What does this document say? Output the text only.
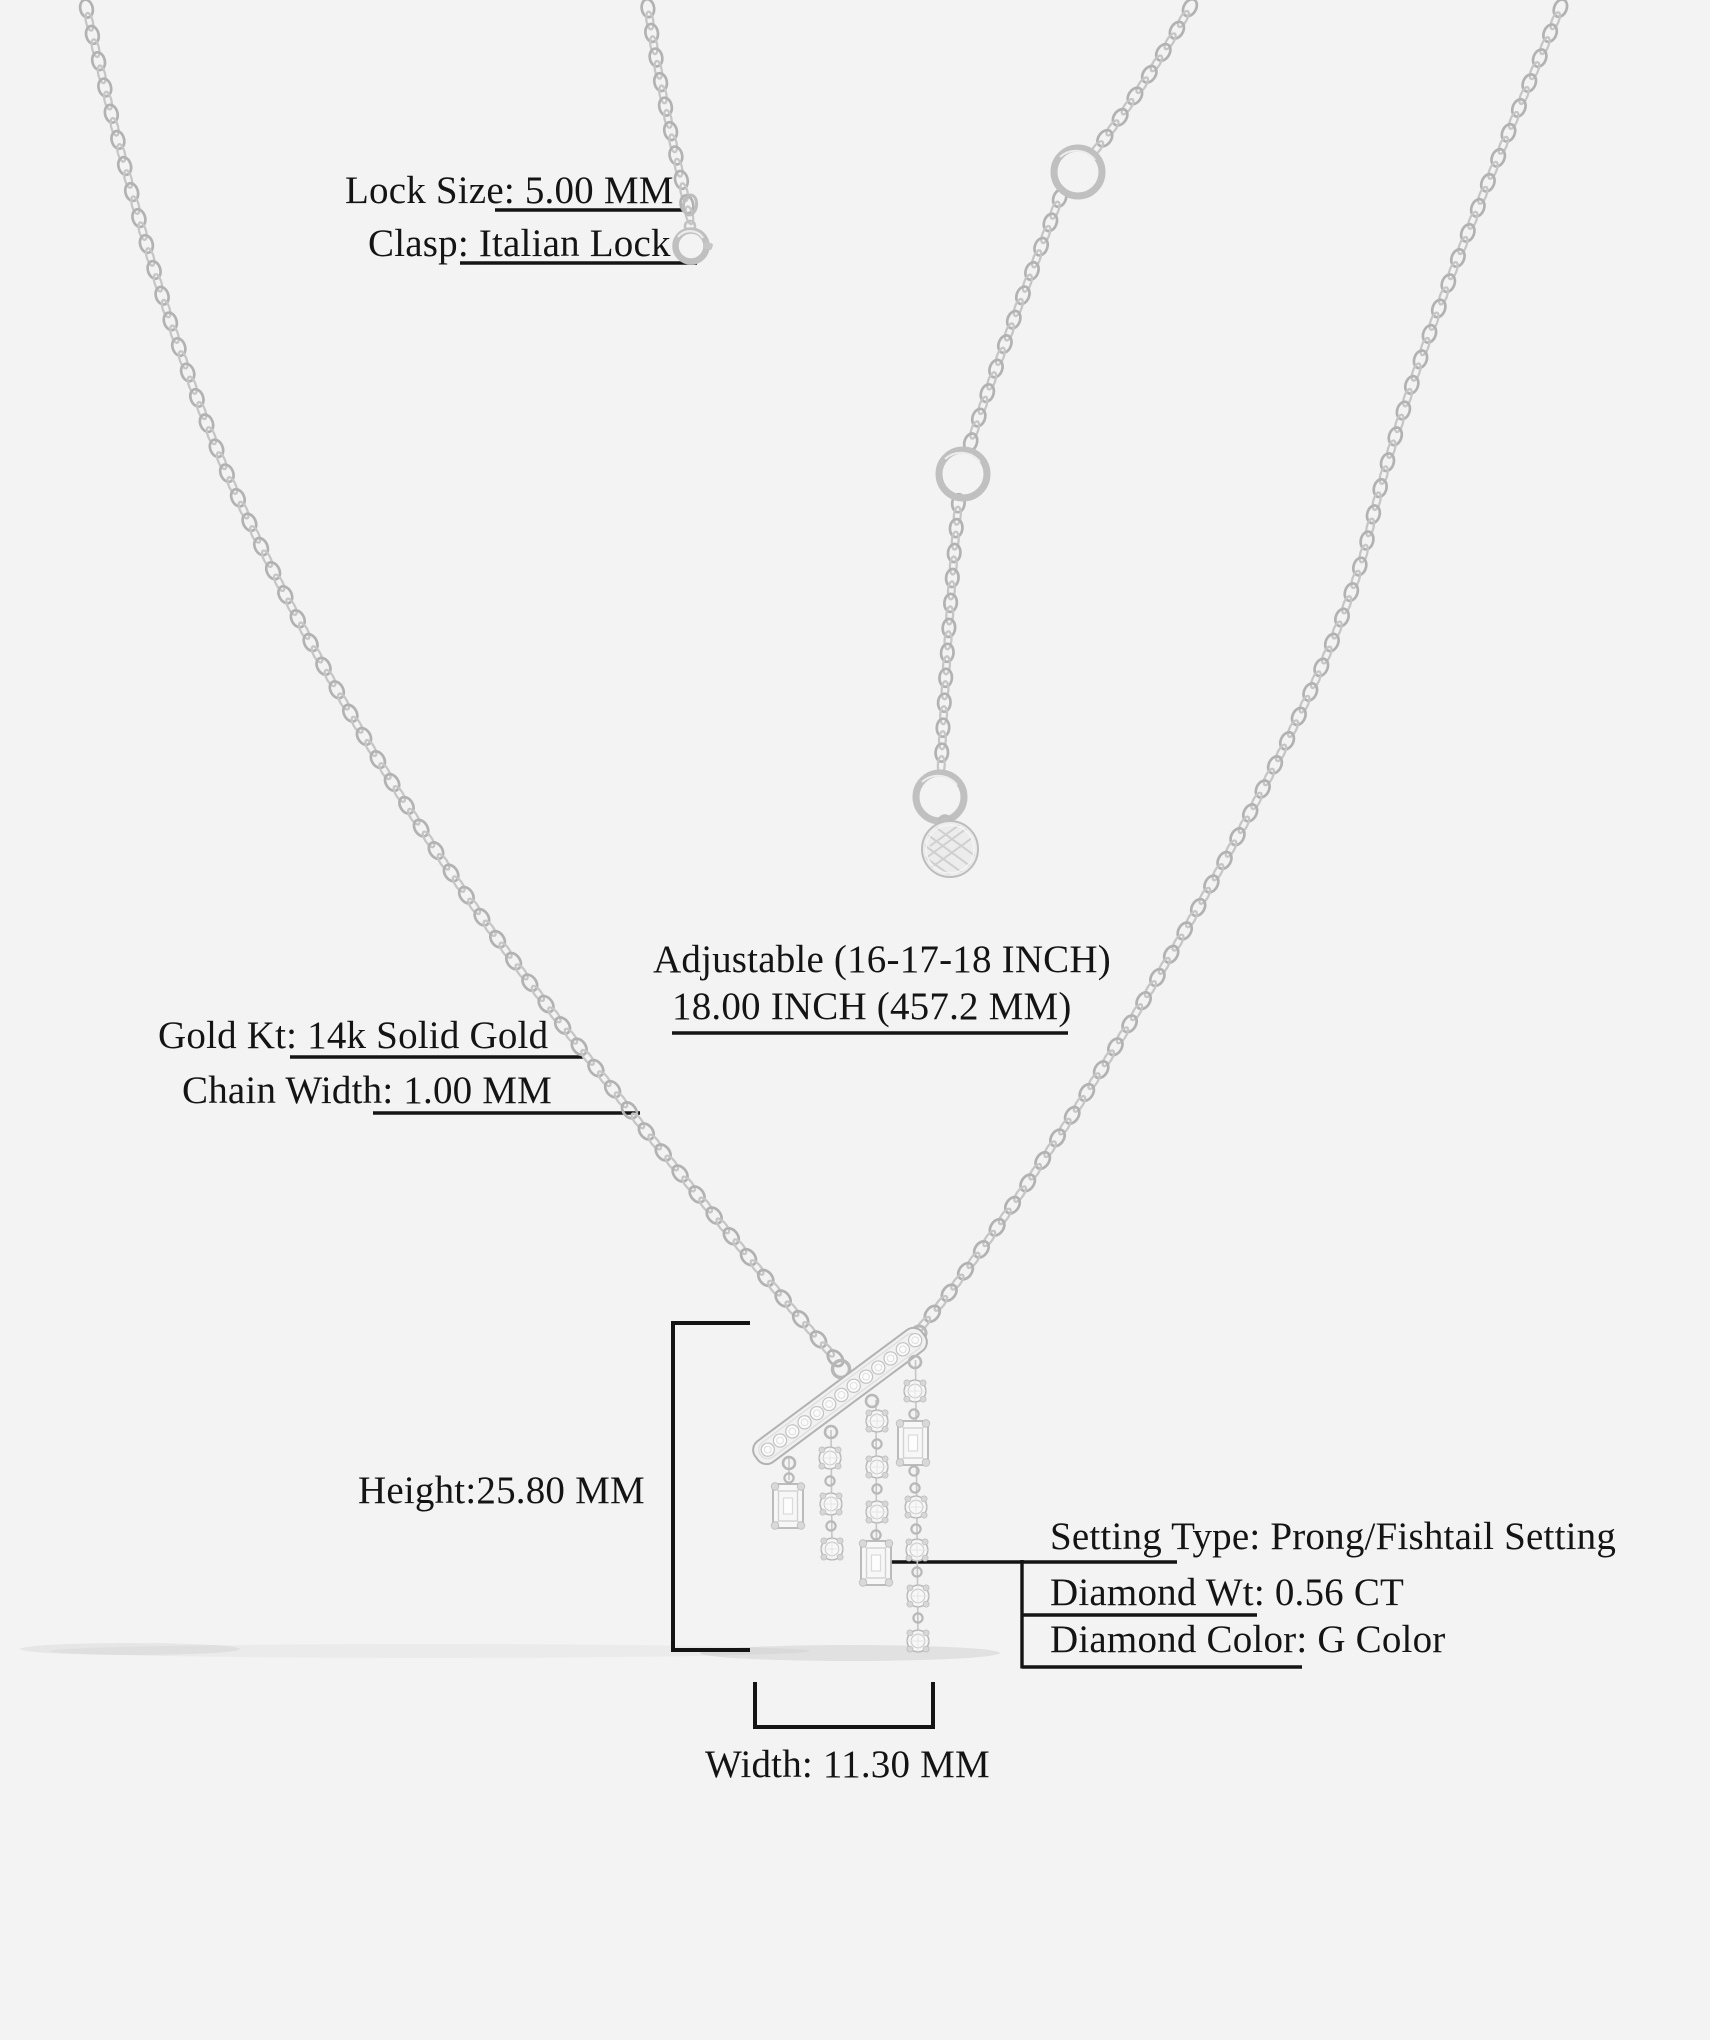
Lock Size: 5.00 MM
Clasp: Italian Lock
Adjustable (16-17-18 INCH)
18.00 INCH (457.2 MM)
Gold Kt: 14k Solid Gold
Chain Width: 1.00 MM
Height:25.80 MM
Setting Type: Prong/Fishtail Setting
Diamond Wt: 0.56 CT
Diamond Color: G Color
Width: 11.30 MM
